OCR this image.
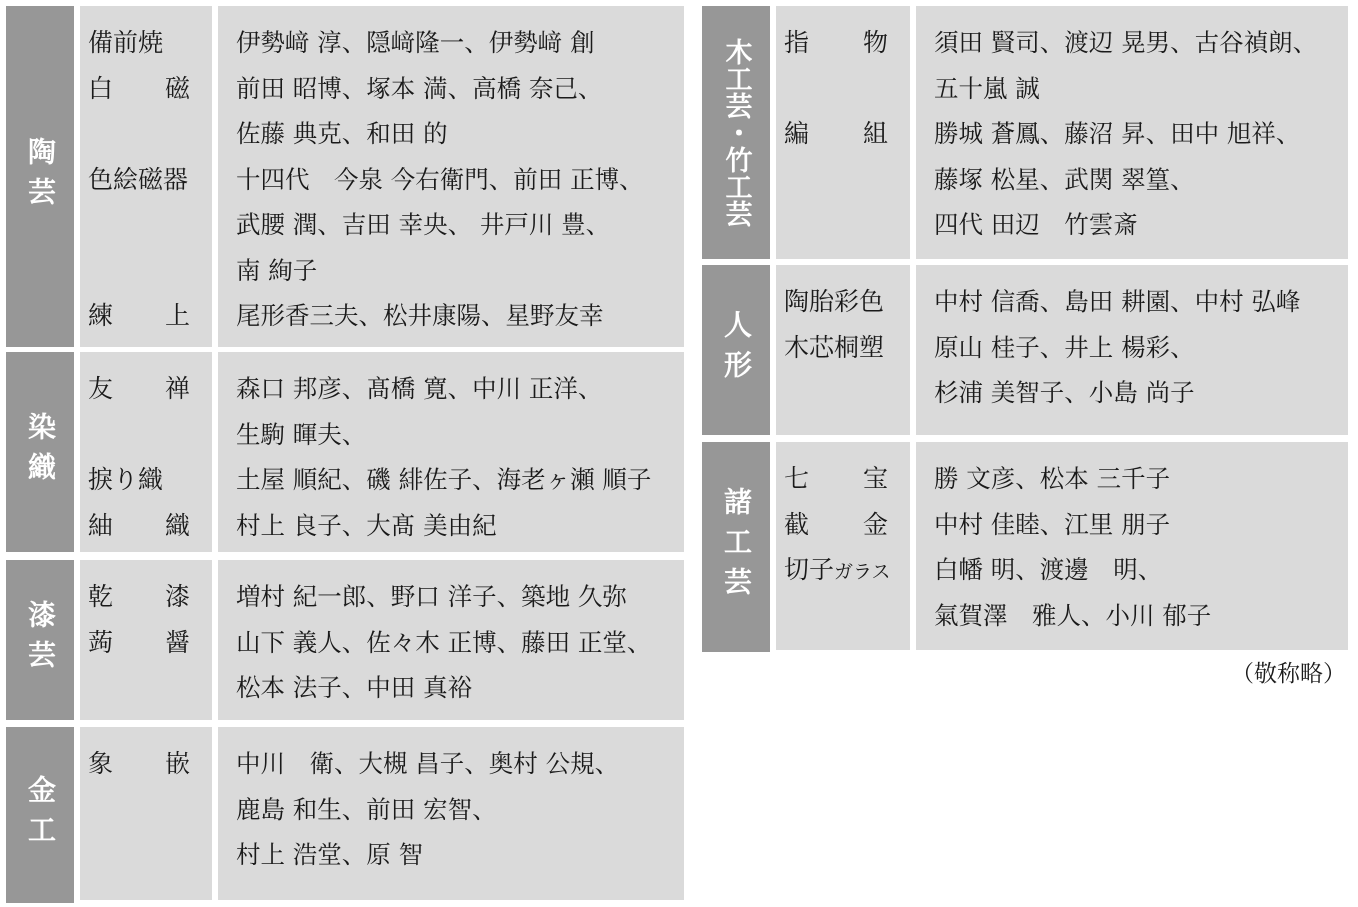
陶芸
備前焼
白 磁
色絵磁器
練 上
伊勢﨑 淳、隠﨑隆一、伊勢﨑 創
前田 昭博、塚本 満、高橋 奈己、
佐藤 典克、和田 的
十四代　今泉 今右衛門、前田 正博、
武腰 潤、吉田 幸央、 井戸川 豊、
南 絢子
尾形香三夫、松井康陽、星野友幸
染織
友 禅
捩り織
紬 織
森口 邦彦、髙橋 寛、中川 正洋、
生駒 暉夫、
土屋 順紀、磯 緋佐子、海老ヶ瀬 順子
村上 良子、大髙 美由紀
漆芸
乾 漆
蒟 醤
増村 紀一郎、野口 洋子、築地 久弥
山下 義人、佐々木 正博、藤田 正堂、
松本 法子、中田 真裕
金工
象 嵌 中川　衛、大槻 昌子、奥村 公規、
鹿島 和生、前田 宏智、
村上 浩堂、原 智
木工芸・竹工芸 指 物
編 組
須田 賢司、渡辺 晃男、古谷禎朗、
五十嵐 誠
勝城 蒼鳳、藤沼 昇、田中 旭祥、
藤塚 松星、武関 翠篁、
四代 田辺　竹雲斎
人形
陶胎彩色
木芯桐塑
中村 信喬、島田 耕園、中村 弘峰
原山 桂子、井上 楊彩、
杉浦 美智子、小島 尚子
諸工芸
七 宝
截 金
切子ガラス
勝 文彦、松本 三千子
中村 佳睦、江里 朋子
白幡 明、渡邊　明、
氣賀澤　雅人、小川 郁子
（敬称略）
